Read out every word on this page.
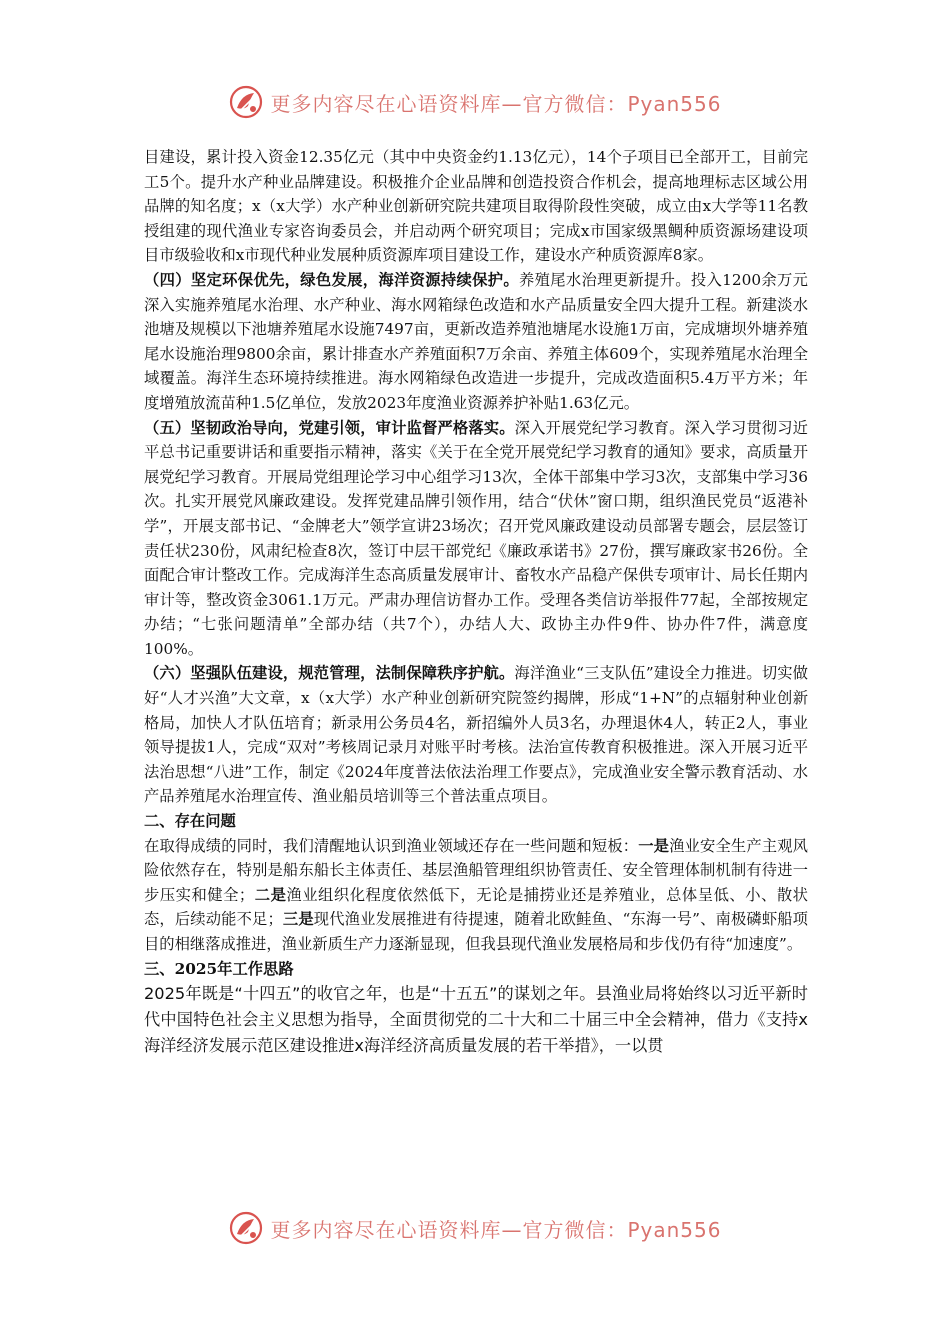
更多内容尽在心语资料库—官方微信：Pyan556

目建设，累计投入资金12.35亿元（其中中央资金约1.13亿元），14个子项目已全部开工，目前完工5个。提升水产种业品牌建设。积极推介企业品牌和创造投资合作机会，提高地理标志区域公用品牌的知名度；x（x大学）水产种业创新研究院共建项目取得阶段性突破，成立由x大学等11名教授组建的现代渔业专家咨询委员会，并启动两个研究项目；完成x市国家级黑鲷种质资源场建设项目市级验收和x市现代种业发展种质资源库项目建设工作，建设水产种质资源库8家。

（四）坚定环保优先，绿色发展，海洋资源持续保护。养殖尾水治理更新提升。投入1200余万元深入实施养殖尾水治理、水产种业、海水网箱绿色改造和水产品质量安全四大提升工程。新建淡水池塘及规模以下池塘养殖尾水设施7497亩，更新改造养殖池塘尾水设施1万亩，完成塘坝外塘养殖尾水设施治理9800余亩，累计排查水产养殖面积7万余亩、养殖主体609个，实现养殖尾水治理全域覆盖。海洋生态环境持续推进。海水网箱绿色改造进一步提升，完成改造面积5.4万平方米；年度增殖放流苗种1.5亿单位，发放2023年度渔业资源养护补贴1.63亿元。

（五）坚韧政治导向，党建引领，审计监督严格落实。深入开展党纪学习教育。深入学习贯彻习近平总书记重要讲话和重要指示精神，落实《关于在全党开展党纪学习教育的通知》要求，高质量开展党纪学习教育。开展局党组理论学习中心组学习13次，全体干部集中学习3次，支部集中学习36次。扎实开展党风廉政建设。发挥党建品牌引领作用，结合“伏休”窗口期，组织渔民党员“返港补学”，开展支部书记、“金牌老大”领学宣讲23场次；召开党风廉政建设动员部署专题会，层层签订责任状230份，风肃纪检查8次，签订中层干部党纪《廉政承诺书》27份，撰写廉政家书26份。全面配合审计整改工作。完成海洋生态高质量发展审计、畜牧水产品稳产保供专项审计、局长任期内审计等，整改资金3061.1万元。严肃办理信访督办工作。受理各类信访举报件77起，全部按规定办结；“七张问题清单”全部办结（共7个），办结人大、政协主办件9件、协办件7件，满意度100%。

（六）坚强队伍建设，规范管理，法制保障秩序护航。海洋渔业“三支队伍”建设全力推进。切实做好“人才兴渔”大文章，x（x大学）水产种业创新研究院签约揭牌，形成“1+N”的点辐射种业创新格局，加快人才队伍培育；新录用公务员4名，新招编外人员3名，办理退休4人，转正2人，事业领导提拔1人，完成“双对”考核周记录月对账平时考核。法治宣传教育积极推进。深入开展习近平法治思想“八进”工作，制定《2024年度普法依法治理工作要点》，完成渔业安全警示教育活动、水产品养殖尾水治理宣传、渔业船员培训等三个普法重点项目。

二、存在问题

在取得成绩的同时，我们清醒地认识到渔业领域还存在一些问题和短板：一是渔业安全生产主观风险依然存在，特别是船东船长主体责任、基层渔船管理组织协管责任、安全管理体制机制有待进一步压实和健全；二是渔业组织化程度依然低下，无论是捕捞业还是养殖业，总体呈低、小、散状态，后续动能不足；三是现代渔业发展推进有待提速，随着北欧鲑鱼、“东海一号”、南极磷虾船项目的相继落成推进，渔业新质生产力逐渐显现，但我县现代渔业发展格局和步伐仍有待“加速度”。

三、2025年工作思路

2025年既是“十四五”的收官之年，也是“十五五”的谋划之年。县渔业局将始终以习近平新时代中国特色社会主义思想为指导，全面贯彻党的二十大和二十届三中全会精神，借力《支持x海洋经济发展示范区建设推进x海洋经济高质量发展的若干举措》，一以贯

更多内容尽在心语资料库—官方微信：Pyan556
